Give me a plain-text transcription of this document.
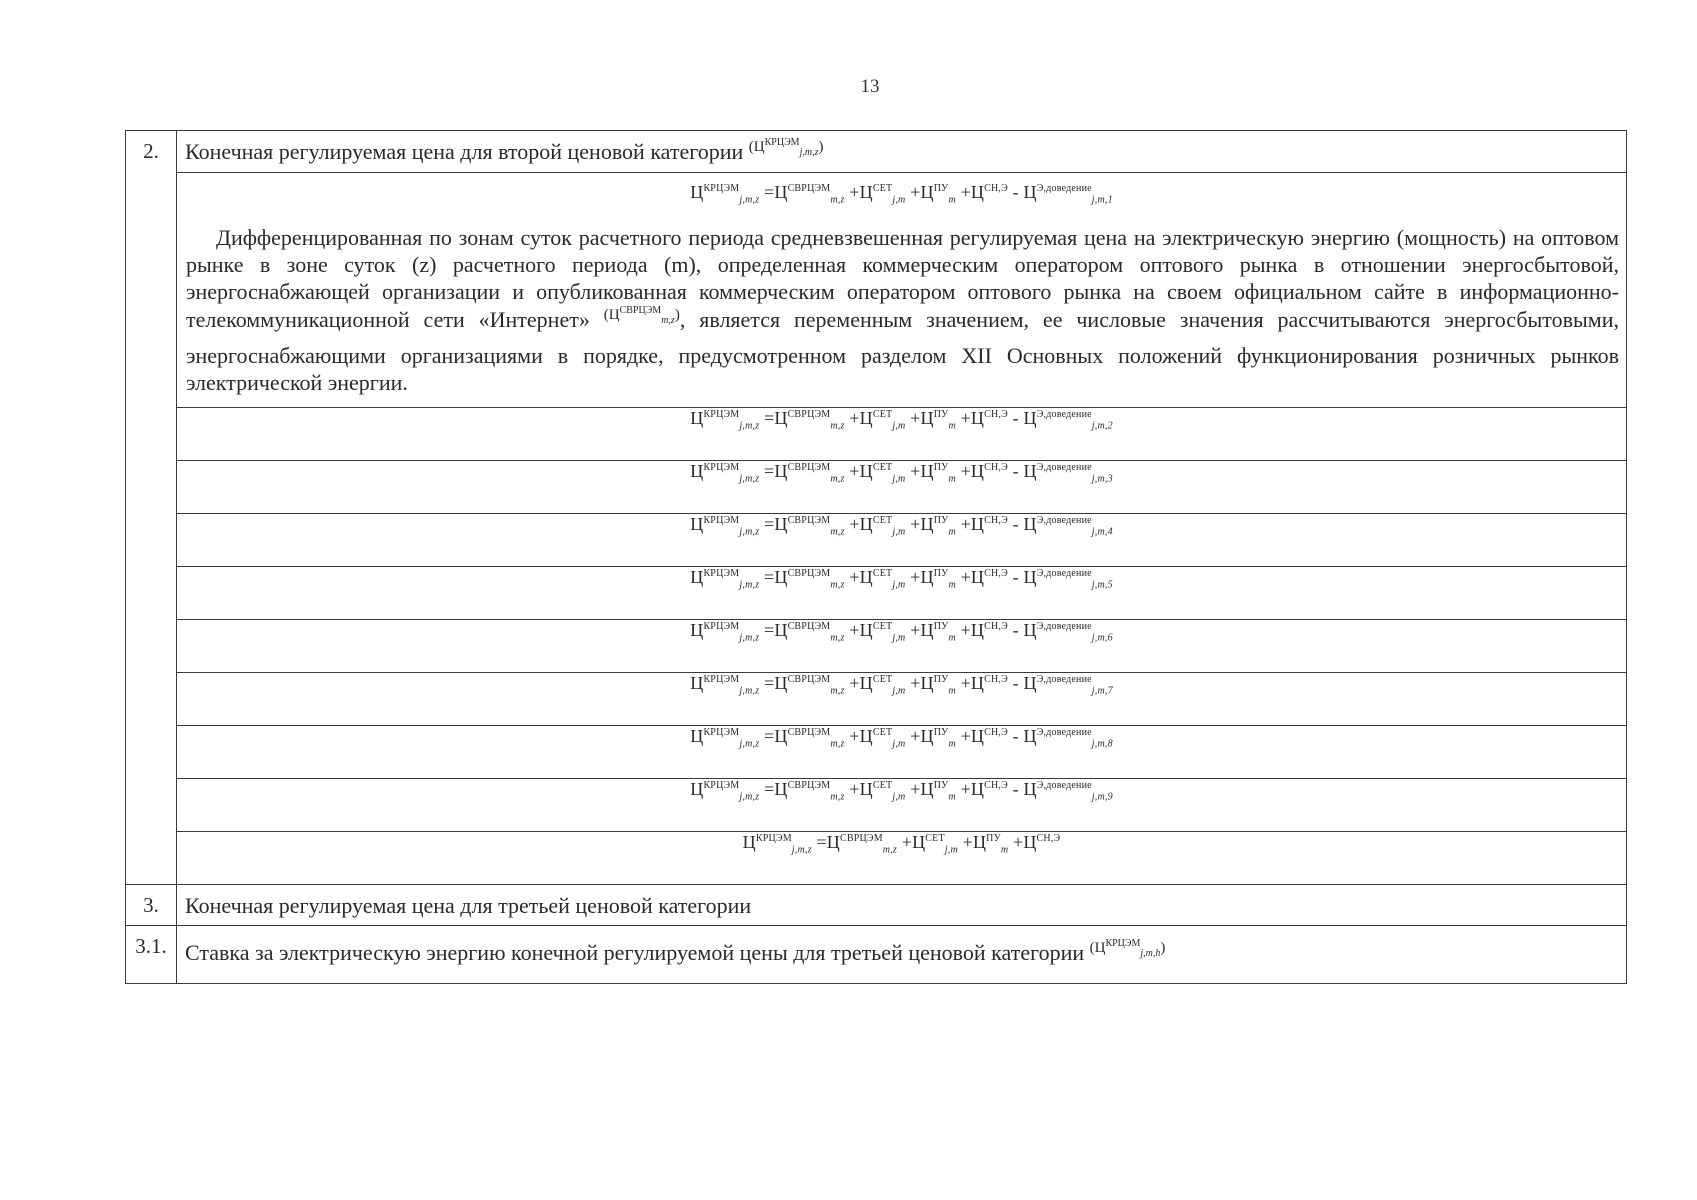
13
2.	Конечная регулируемая цена для второй ценовой категории $^{(Ц^{КРЦЭМ}_{j,m,z})}$

	$Ц^{КРЦЭМ}_{j,m,z} =Ц^{СВРЦЭМ}_{m,z} +Ц^{СЕТ}_{j,m} +Ц^{ПУ}_m +Ц^{СН,Э} - Ц^{Э,доведение}_{j,m,1}$

Дифференцированная по зонам суток расчетного периода средневзвешенная регулируемая цена на электрическую энергию (мощность) на оптовом рынке в зоне суток (z) расчетного периода (m), определенная коммерческим оператором оптового рынка в отношении энергосбытовой, энергоснабжающей организации и опубликованная коммерческим оператором оптового рынка на своем официальном сайте в информационно-телекоммуникационной сети «Интернет» $^{(Ц^{СВРЦЭМ}_{m,z})}$, является переменным значением, ее числовые значения рассчитываются энергосбытовыми, энергоснабжающими организациями в порядке, предусмотренном разделом XII Основных положений функционирования розничных рынков электрической энергии.

	$Ц^{КРЦЭМ}_{j,m,z} =Ц^{СВРЦЭМ}_{m,z} +Ц^{СЕТ}_{j,m} +Ц^{ПУ}_m +Ц^{СН,Э} - Ц^{Э,доведение}_{j,m,2}$
	$Ц^{КРЦЭМ}_{j,m,z} =Ц^{СВРЦЭМ}_{m,z} +Ц^{СЕТ}_{j,m} +Ц^{ПУ}_m +Ц^{СН,Э} - Ц^{Э,доведение}_{j,m,3}$
	$Ц^{КРЦЭМ}_{j,m,z} =Ц^{СВРЦЭМ}_{m,z} +Ц^{СЕТ}_{j,m} +Ц^{ПУ}_m +Ц^{СН,Э} - Ц^{Э,доведение}_{j,m,4}$
	$Ц^{КРЦЭМ}_{j,m,z} =Ц^{СВРЦЭМ}_{m,z} +Ц^{СЕТ}_{j,m} +Ц^{ПУ}_m +Ц^{СН,Э} - Ц^{Э,доведение}_{j,m,5}$
	$Ц^{КРЦЭМ}_{j,m,z} =Ц^{СВРЦЭМ}_{m,z} +Ц^{СЕТ}_{j,m} +Ц^{ПУ}_m +Ц^{СН,Э} - Ц^{Э,доведение}_{j,m,6}$
	$Ц^{КРЦЭМ}_{j,m,z} =Ц^{СВРЦЭМ}_{m,z} +Ц^{СЕТ}_{j,m} +Ц^{ПУ}_m +Ц^{СН,Э} - Ц^{Э,доведение}_{j,m,7}$
	$Ц^{КРЦЭМ}_{j,m,z} =Ц^{СВРЦЭМ}_{m,z} +Ц^{СЕТ}_{j,m} +Ц^{ПУ}_m +Ц^{СН,Э} - Ц^{Э,доведение}_{j,m,8}$
	$Ц^{КРЦЭМ}_{j,m,z} =Ц^{СВРЦЭМ}_{m,z} +Ц^{СЕТ}_{j,m} +Ц^{ПУ}_m +Ц^{СН,Э} - Ц^{Э,доведение}_{j,m,9}$
	$Ц^{КРЦЭМ}_{j,m,z} =Ц^{СВРЦЭМ}_{m,z} +Ц^{СЕТ}_{j,m} +Ц^{ПУ}_m +Ц^{СН,Э}$
3.	Конечная регулируемая цена для третьей ценовой категории
3.1.	Ставка за электрическую энергию конечной регулируемой цены для третьей ценовой категории $^{(Ц^{КРЦЭМ}_{j,m,h})}$
